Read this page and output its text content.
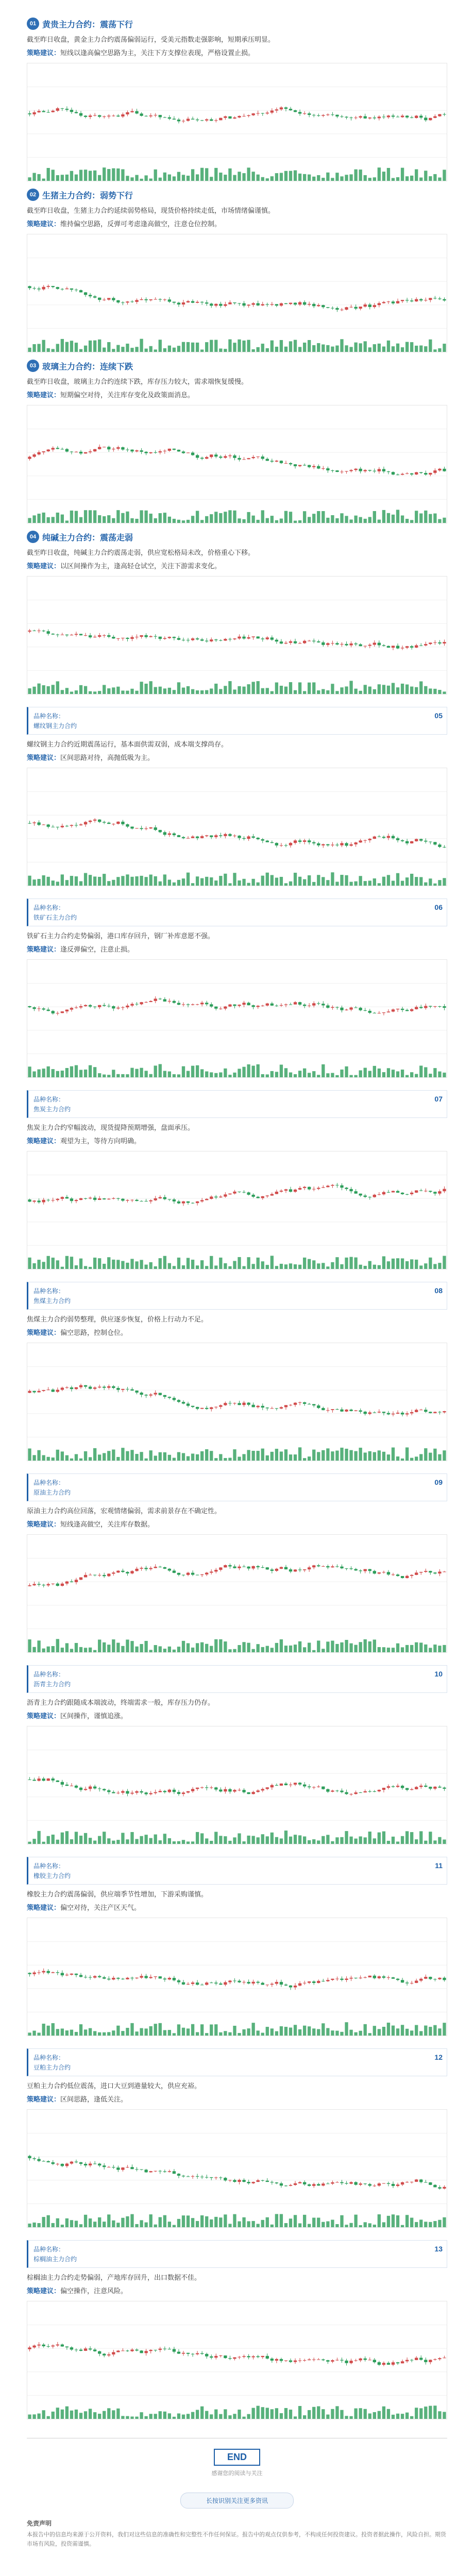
01 黄贵主力合约：震荡下行
截至昨日收盘，黄金主力合约震荡偏弱运行，受美元指数走强影响，短期承压明显。
策略建议：短线以逢高偏空思路为主，关注下方支撑位表现，严格设置止损。
02 生猪主力合约：弱势下行
截至昨日收盘，生猪主力合约延续弱势格局，现货价格持续走低，市场情绪偏谨慎。
策略建议：维持偏空思路，反弹可考虑逢高做空，注意仓位控制。
03 玻璃主力合约：连续下跌
截至昨日收盘，玻璃主力合约连续下跌，库存压力较大，需求端恢复缓慢。
策略建议：短期偏空对待，关注库存变化及政策面消息。
04 纯碱主力合约：震荡走弱
截至昨日收盘，纯碱主力合约震荡走弱，供应宽松格局未改，价格重心下移。
策略建议：以区间操作为主，逢高轻仓试空，关注下游需求变化。
品种名称：
螺纹钢主力合约
05
螺纹钢主力合约近期震荡运行，基本面供需双弱，成本端支撑尚存。
策略建议：区间思路对待，高抛低吸为主。
品种名称：
铁矿石主力合约
06
铁矿石主力合约走势偏弱，港口库存回升，钢厂补库意愿不强。
策略建议：逢反弹偏空，注意止损。
品种名称：
焦炭主力合约
07
焦炭主力合约窄幅波动，现货提降预期增强，盘面承压。
策略建议：观望为主，等待方向明确。
品种名称：
焦煤主力合约
08
焦煤主力合约弱势整理，供应逐步恢复，价格上行动力不足。
策略建议：偏空思路，控制仓位。
品种名称：
原油主力合约
09
原油主力合约高位回落，宏观情绪偏弱，需求前景存在不确定性。
策略建议：短线逢高做空，关注库存数据。
品种名称：
沥青主力合约
10
沥青主力合约跟随成本端波动，终端需求一般，库存压力仍存。
策略建议：区间操作，谨慎追涨。
品种名称：
橡胶主力合约
11
橡胶主力合约震荡偏弱，供应端季节性增加，下游采购谨慎。
策略建议：偏空对待，关注产区天气。
品种名称：
豆粕主力合约
12
豆粕主力合约低位震荡，进口大豆到港量较大，供应充裕。
策略建议：区间思路，逢低关注。
品种名称：
棕榈油主力合约
13
棕榈油主力合约走势偏弱，产地库存回升，出口数据不佳。
策略建议：偏空操作，注意风险。
END
感谢您的阅读与关注
长按识别关注更多资讯
免责声明
本报告中的信息均来源于公开资料，我们对这些信息的准确性和完整性不作任何保证。报告中的观点仅供参考，不构成任何投资建议。投资者据此操作，风险自担。期货市场有风险，投资需谨慎。
